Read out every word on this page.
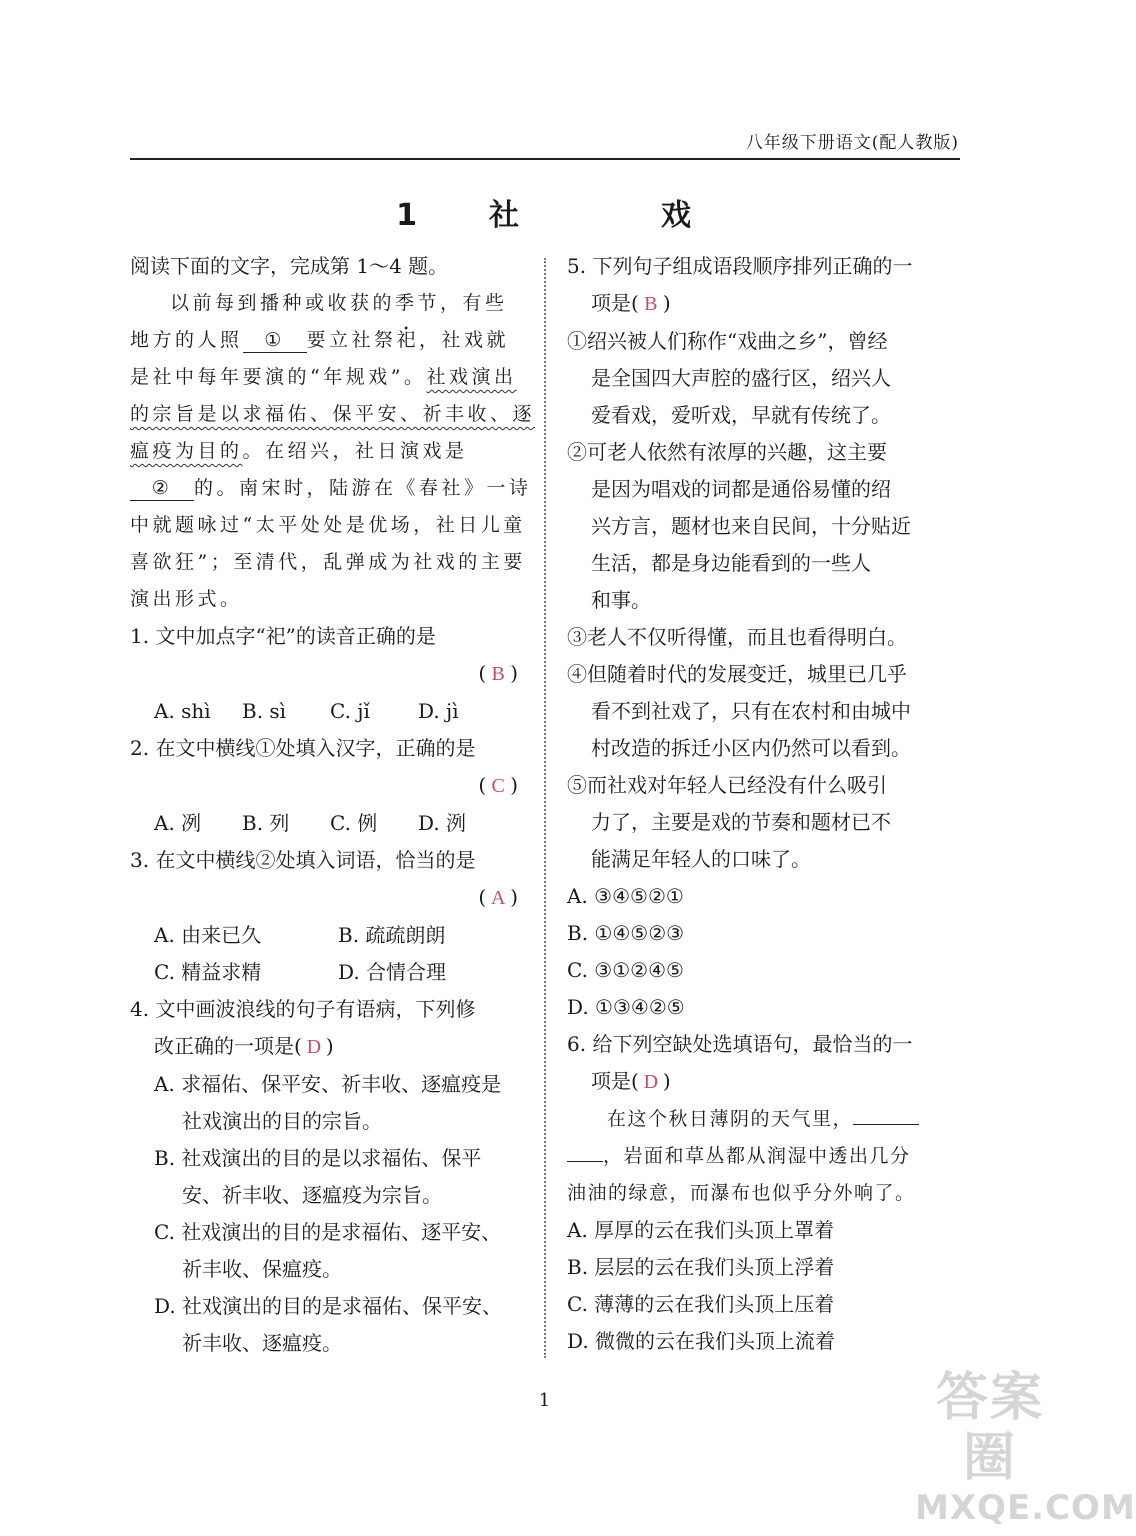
八年级下册语文(配人教版)
1 社	戏
阅读下面的文字，完成第 1～4 题。
以前每到播种或收获的季节，有些
地方的人照 ① 要立社祭祀，社戏就
是社中每年要演的“年规戏”。社戏演出
的宗旨是以求福佑、保平安、祈丰收、逐
瘟疫为目的。在绍兴，社日演戏是
② 的。南宋时，陆游在《春社》一诗
中就题咏过“太平处处是优场，社日儿童
喜欲狂”；至清代，乱弹成为社戏的主要
演出形式。
1. 文中加点字“祀”的读音正确的是
( B )
A. shì	B. sì	C. jǐ	D. jì
2. 在文中横线①处填入汉字，正确的是
( C )
A. 冽	B. 列	C. 例	D. 洌
3. 在文中横线②处填入词语，恰当的是
( A )
A. 由来已久	B. 疏疏朗朗
C. 精益求精	D. 合情合理
4. 文中画波浪线的句子有语病，下列修
改正确的一项是( D )
A. 求福佑、保平安、祈丰收、逐瘟疫是
社戏演出的目的宗旨。
B. 社戏演出的目的是以求福佑、保平
安、祈丰收、逐瘟疫为宗旨。
C. 社戏演出的目的是求福佑、逐平安、
祈丰收、保瘟疫。
D. 社戏演出的目的是求福佑、保平安、
祈丰收、逐瘟疫。
5. 下列句子组成语段顺序排列正确的一
项是( B )
①绍兴被人们称作“戏曲之乡”，曾经
是全国四大声腔的盛行区，绍兴人
爱看戏，爱听戏，早就有传统了。
②可老人依然有浓厚的兴趣，这主要
是因为唱戏的词都是通俗易懂的绍
兴方言，题材也来自民间，十分贴近
生活，都是身边能看到的一些人
和事。
③老人不仅听得懂，而且也看得明白。
④但随着时代的发展变迁，城里已几乎
看不到社戏了，只有在农村和由城中
村改造的拆迁小区内仍然可以看到。
⑤而社戏对年轻人已经没有什么吸引
力了，主要是戏的节奏和题材已不
能满足年轻人的口味了。
A. ③④⑤②①
B. ①④⑤②③
C. ③①②④⑤
D. ①③④②⑤
6. 给下列空缺处选填语句，最恰当的一
项是( D )
在这个秋日薄阴的天气里，
，岩面和草丛都从润湿中透出几分
油油的绿意，而瀑布也似乎分外响了。
A. 厚厚的云在我们头顶上罩着
B. 层层的云在我们头顶上浮着
C. 薄薄的云在我们头顶上压着
D. 微微的云在我们头顶上流着
1	答案圈
MXQE.COM
